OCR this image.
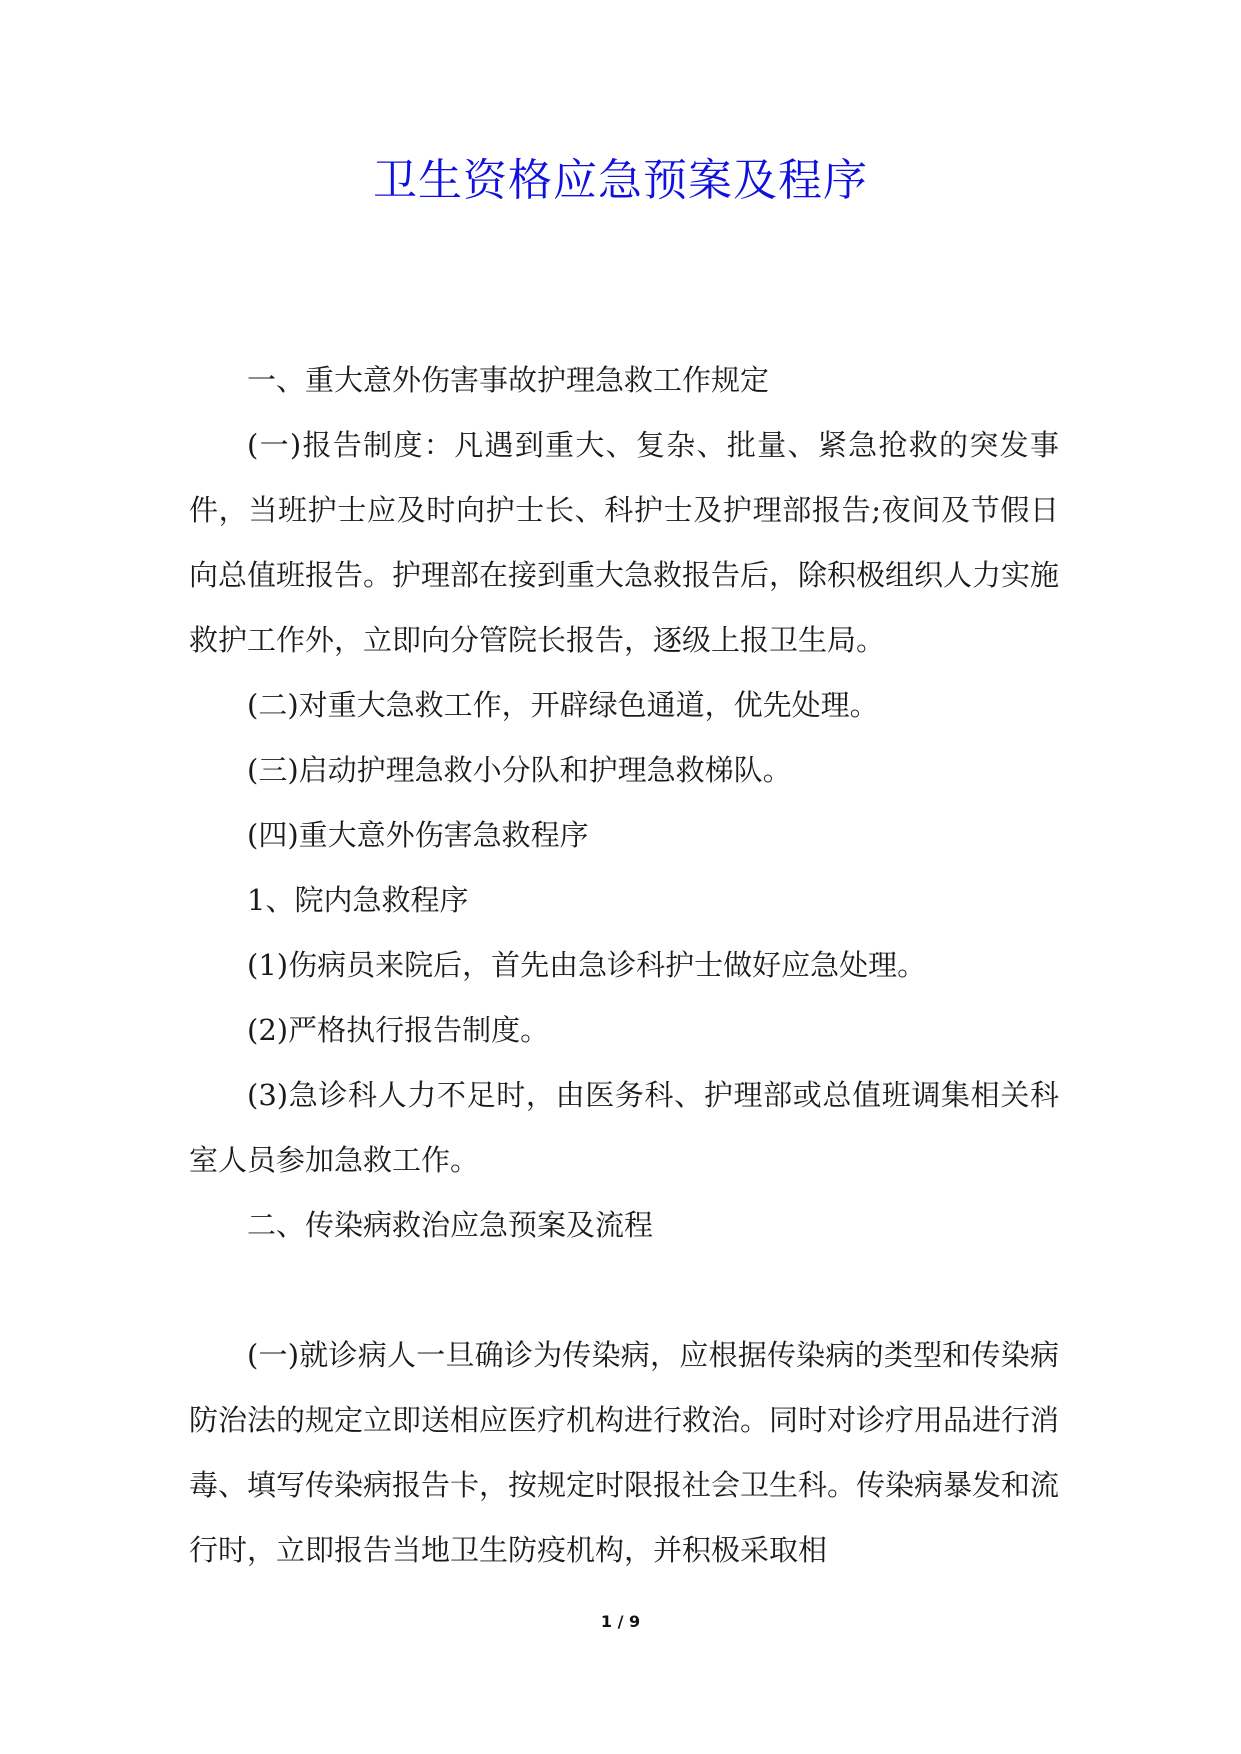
卫生资格应急预案及程序

一、重大意外伤害事故护理急救工作规定

(一)报告制度：凡遇到重大、复杂、批量、紧急抢救的突发事件，当班护士应及时向护士长、科护士及护理部报告;夜间及节假日向总值班报告。护理部在接到重大急救报告后，除积极组织人力实施救护工作外，立即向分管院长报告，逐级上报卫生局。

(二)对重大急救工作，开辟绿色通道，优先处理。

(三)启动护理急救小分队和护理急救梯队。

(四)重大意外伤害急救程序

1、院内急救程序

(1)伤病员来院后，首先由急诊科护士做好应急处理。

(2)严格执行报告制度。

(3)急诊科人力不足时，由医务科、护理部或总值班调集相关科室人员参加急救工作。

二、传染病救治应急预案及流程

(一)就诊病人一旦确诊为传染病，应根据传染病的类型和传染病防治法的规定立即送相应医疗机构进行救治。同时对诊疗用品进行消毒、填写传染病报告卡，按规定时限报社会卫生科。传染病暴发和流行时，立即报告当地卫生防疫机构，并积极采取相

1 / 9
